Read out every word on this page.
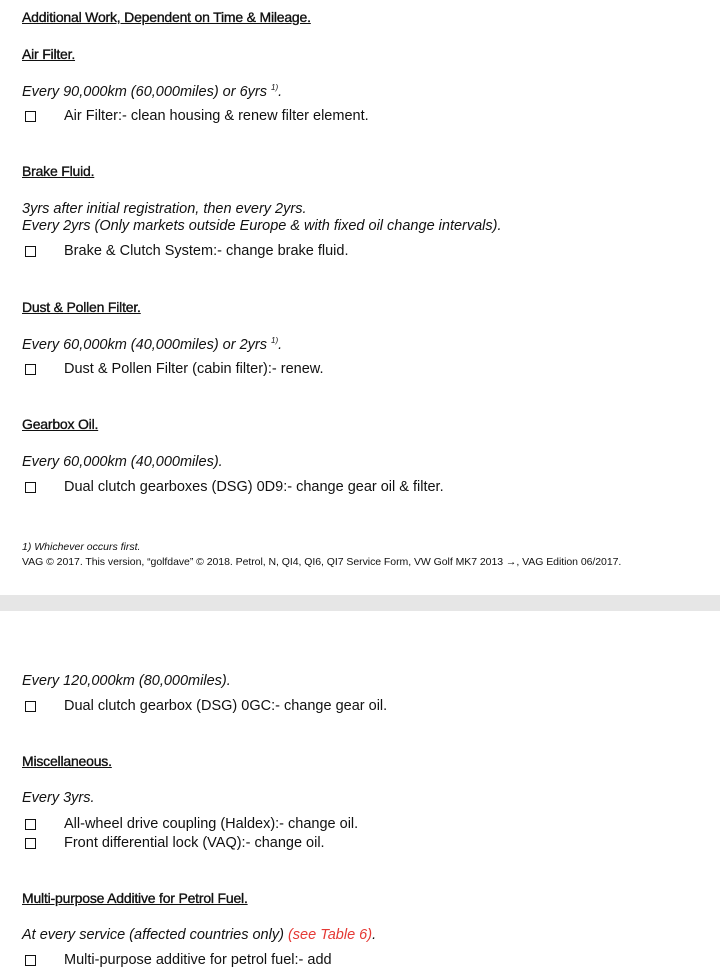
Additional Work, Dependent on Time & Mileage.
Air Filter.
Every 90,000km (60,000miles) or 6yrs $^{1)}$.
Air Filter:- clean housing & renew filter element.
Brake Fluid.
3yrs after initial registration, then every 2yrs.
Every 2yrs (Only markets outside Europe & with fixed oil change intervals).
Brake & Clutch System:- change brake fluid.
Dust & Pollen Filter.
Every 60,000km (40,000miles) or 2yrs $^{1)}$.
Dust & Pollen Filter (cabin filter):- renew.
Gearbox Oil.
Every 60,000km (40,000miles).
Dual clutch gearboxes (DSG) 0D9:- change gear oil & filter.
1) Whichever occurs first.
VAG © 2017. This version, “golfdave” © 2018. Petrol, N, QI4, QI6, QI7 Service Form, VW Golf MK7 2013 →, VAG Edition 06/2017.
Every 120,000km (80,000miles).
Dual clutch gearbox (DSG) 0GC:- change gear oil.
Miscellaneous.
Every 3yrs.
All-wheel drive coupling (Haldex):- change oil.
Front differential lock (VAQ):- change oil.
Multi-purpose Additive for Petrol Fuel.
At every service (affected countries only) (see Table 6).
Multi-purpose additive for petrol fuel:- add
